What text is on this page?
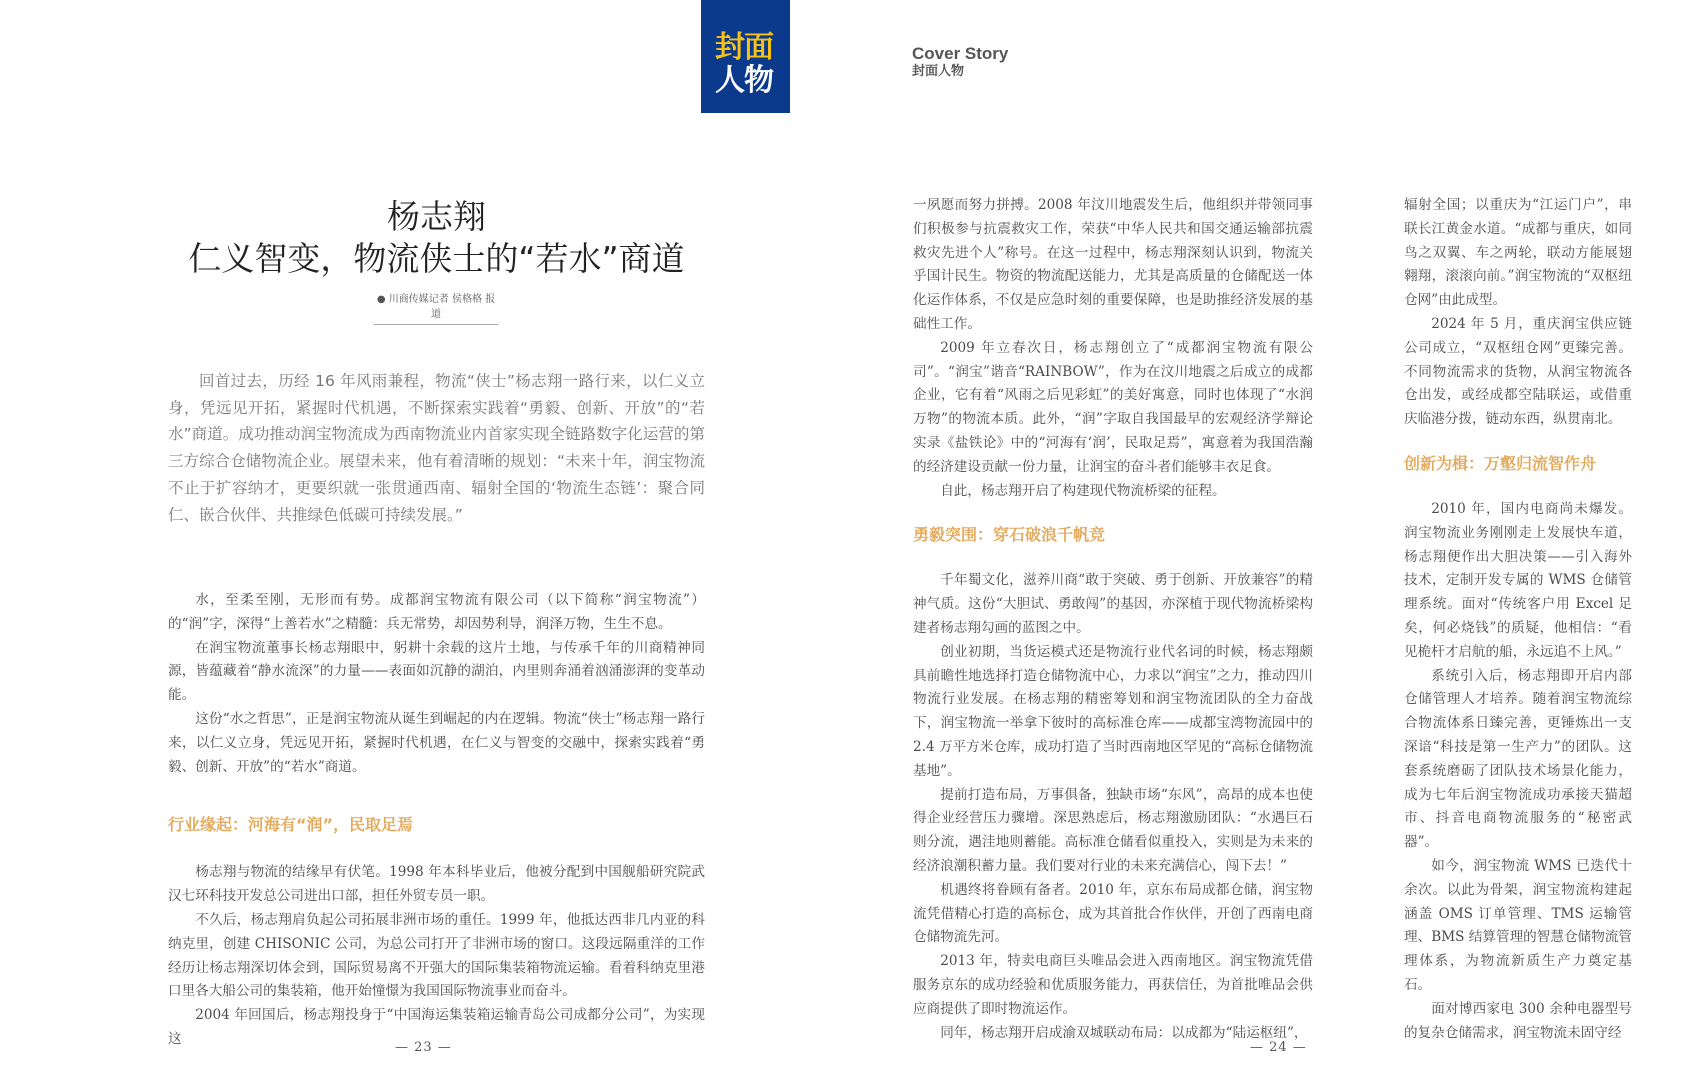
封面
人物
Cover Story
封面人物
杨志翔
仁义智变，物流侠士的“若水”商道
● 川商传媒记者 侯格格 报道

回首过去，历经 16 年风雨兼程，物流“侠士”杨志翔一路行来，以仁义立身，凭远见开拓，紧握时代机遇，不断探索实践着“勇毅、创新、开放”的“若水”商道。成功推动润宝物流成为西南物流业内首家实现全链路数字化运营的第三方综合仓储物流企业。展望未来，他有着清晰的规划：“未来十年，润宝物流不止于扩容纳才，更要织就一张贯通西南、辐射全国的‘物流生态链’：聚合同仁、嵌合伙伴、共推绿色低碳可持续发展。”

水，至柔至刚，无形而有势。成都润宝物流有限公司（以下简称“润宝物流”）的“润”字，深得“上善若水”之精髓：兵无常势，却因势利导，润泽万物，生生不息。

在润宝物流董事长杨志翔眼中，躬耕十余载的这片土地，与传承千年的川商精神同源，皆蕴藏着“静水流深”的力量——表面如沉静的湖泊，内里则奔涌着汹涌澎湃的变革动能。

这份“水之哲思”，正是润宝物流从诞生到崛起的内在逻辑。物流“侠士”杨志翔一路行来，以仁义立身，凭远见开拓，紧握时代机遇，在仁义与智变的交融中，探索实践着“勇毅、创新、开放”的“若水”商道。

行业缘起：河海有“润”，民取足焉

杨志翔与物流的结缘早有伏笔。1998 年本科毕业后，他被分配到中国舰船研究院武汉七环科技开发总公司进出口部，担任外贸专员一职。

不久后，杨志翔肩负起公司拓展非洲市场的重任。1999 年，他抵达西非几内亚的科纳克里，创建 CHISONIC 公司，为总公司打开了非洲市场的窗口。这段远隔重洋的工作经历让杨志翔深切体会到，国际贸易离不开强大的国际集装箱物流运输。看着科纳克里港口里各大船公司的集装箱，他开始憧憬为我国国际物流事业而奋斗。

2004 年回国后，杨志翔投身于“中国海运集装箱运输青岛公司成都分公司”，为实现这

— 23 —

一夙愿而努力拼搏。2008 年汶川地震发生后，他组织并带领同事们积极参与抗震救灾工作，荣获“中华人民共和国交通运输部抗震救灾先进个人”称号。在这一过程中，杨志翔深刻认识到，物流关乎国计民生。物资的物流配送能力，尤其是高质量的仓储配送一体化运作体系，不仅是应急时刻的重要保障，也是助推经济发展的基础性工作。

2009 年立春次日，杨志翔创立了“成都润宝物流有限公司”。“润宝”谐音“RAINBOW”，作为在汶川地震之后成立的成都企业，它有着“风雨之后见彩虹”的美好寓意，同时也体现了“水润万物”的物流本质。此外，“润”字取自我国最早的宏观经济学辩论实录《盐铁论》中的“河海有‘润’，民取足焉”，寓意着为我国浩瀚的经济建设贡献一份力量，让润宝的奋斗者们能够丰衣足食。

自此，杨志翔开启了构建现代物流桥梁的征程。

勇毅突围：穿石破浪千帆竞

千年蜀文化，滋养川商“敢于突破、勇于创新、开放兼容”的精神气质。这份“大胆试、勇敢闯”的基因，亦深植于现代物流桥梁构建者杨志翔勾画的蓝图之中。

创业初期，当货运模式还是物流行业代名词的时候，杨志翔颇具前瞻性地选择打造仓储物流中心，力求以“润宝”之力，推动四川物流行业发展。在杨志翔的精密筹划和润宝物流团队的全力奋战下，润宝物流一举拿下彼时的高标准仓库——成都宝湾物流园中的 2.4 万平方米仓库，成功打造了当时西南地区罕见的“高标仓储物流基地”。

提前打造布局，万事俱备，独缺市场“东风”，高昂的成本也使得企业经营压力骤增。深思熟虑后，杨志翔激励团队：“水遇巨石则分流，遇洼地则蓄能。高标准仓储看似重投入，实则是为未来的经济浪潮积蓄力量。我们要对行业的未来充满信心，闯下去！”

机遇终将眷顾有备者。2010 年，京东布局成都仓储，润宝物流凭借精心打造的高标仓，成为其首批合作伙伴，开创了西南电商仓储物流先河。

2013 年，特卖电商巨头唯品会进入西南地区。润宝物流凭借服务京东的成功经验和优质服务能力，再获信任，为首批唯品会供应商提供了即时物流运作。

同年，杨志翔开启成渝双城联动布局：以成都为“陆运枢纽”，

— 24 —

辐射全国；以重庆为“江运门户”，串联长江黄金水道。“成都与重庆，如同鸟之双翼、车之两轮，联动方能展翅翱翔，滚滚向前。”润宝物流的“双枢纽仓网”由此成型。

2024 年 5 月，重庆润宝供应链公司成立，“双枢纽仓网”更臻完善。不同物流需求的货物，从润宝物流各仓出发，或经成都空陆联运，或借重庆临港分拨，链动东西，纵贯南北。

创新为楫：万壑归流智作舟

2010 年，国内电商尚未爆发。润宝物流业务刚刚走上发展快车道，杨志翔便作出大胆决策——引入海外技术，定制开发专属的 WMS 仓储管理系统。面对“传统客户用 Excel 足矣，何必烧钱”的质疑，他相信：“看见桅杆才启航的船，永远追不上风。”

系统引入后，杨志翔即开启内部仓储管理人才培养。随着润宝物流综合物流体系日臻完善，更锤炼出一支深谙“科技是第一生产力”的团队。这套系统磨砺了团队技术场景化能力，成为七年后润宝物流成功承接天猫超市、抖音电商物流服务的“秘密武器”。

如今，润宝物流 WMS 已迭代十余次。以此为骨架，润宝物流构建起涵盖 OMS 订单管理、TMS 运输管理、BMS 结算管理的智慧仓储物流管理体系，为物流新质生产力奠定基石。

面对博西家电 300 余种电器型号的复杂仓储需求，润宝物流未固守经
